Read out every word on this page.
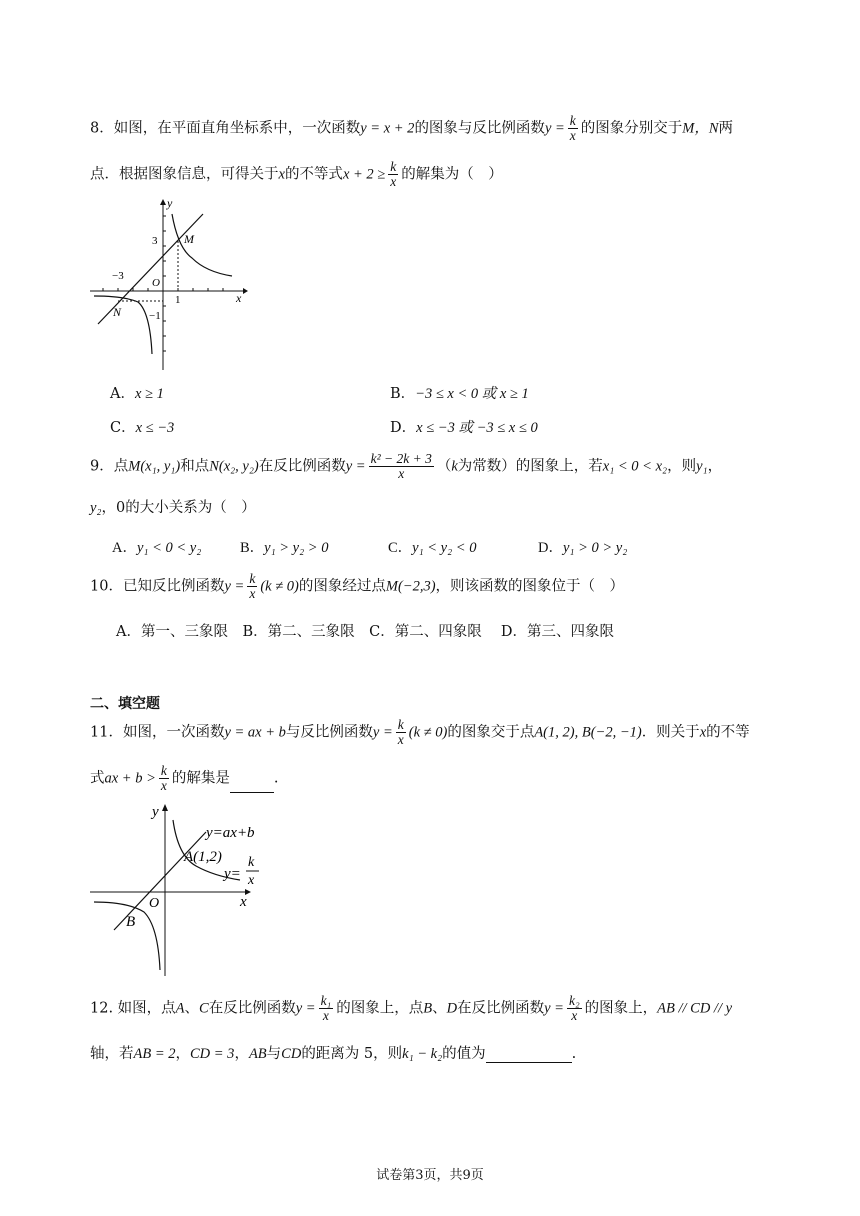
8．如图，在平面直角坐标系中，一次函数y = x + 2的图象与反比例函数$y = \frac{k}{x}$ 的图象分别交于M，N两
点．根据图象信息，可得关于x的不等式$x + 2 \ge \frac{k}{x}$ 的解集为（　）
y
x
O
3
−3
1
−1
M
N
A．x ≥ 1	B．−3 ≤ x < 0 或 x ≥ 1
C．x ≤ −3	D．x ≤ −3 或 −3 ≤ x ≤ 0
9．点M(x₁, y₁)和点N(x₂, y₂)在反比例函数$y = \frac{\text{k² − 2k + 3}}{x} (k$为常数）的图象上，若x₁ < 0 < x₂，则y₁，
y₂，0的大小关系为（　）
A．y₁ < 0 < y₂	B．y₁ > y₂ > 0	C．y₁ < y₂ < 0	D．y₁ > 0 > y₂
10．已知反比例函数$y = \frac{k}{x} (k \ne 0)$的图象经过点M(−2,3)，则该函数的图象位于（　）
A．第一、三象限　B．第二、三象限　C．第二、四象限　 D．第三、四象限
二、填空题
11．如图，一次函数y = ax + b与反比例函数$y = \frac{k}{x} (k \ne 0)$的图象交于点A(1, 2), B(−2, −1)．则关于x的不等
式ax + $b > \frac{k}{x}$ 的解集是	.
y
x
O
y=ax+b
A(1,2)
y=
k
x
B
12. 如图，点A、C在反比例函数$y = \frac{\text{k₁}}{x}$ 的图象上，点B、D在反比例函数$y = \frac{\text{k₂}}{x}$ 的图象上，AB // CD // y
轴，若AB = 2，CD = 3，AB与CD的距离为 5，则k₁ − k₂的值为	.
试卷第3页，共9页
